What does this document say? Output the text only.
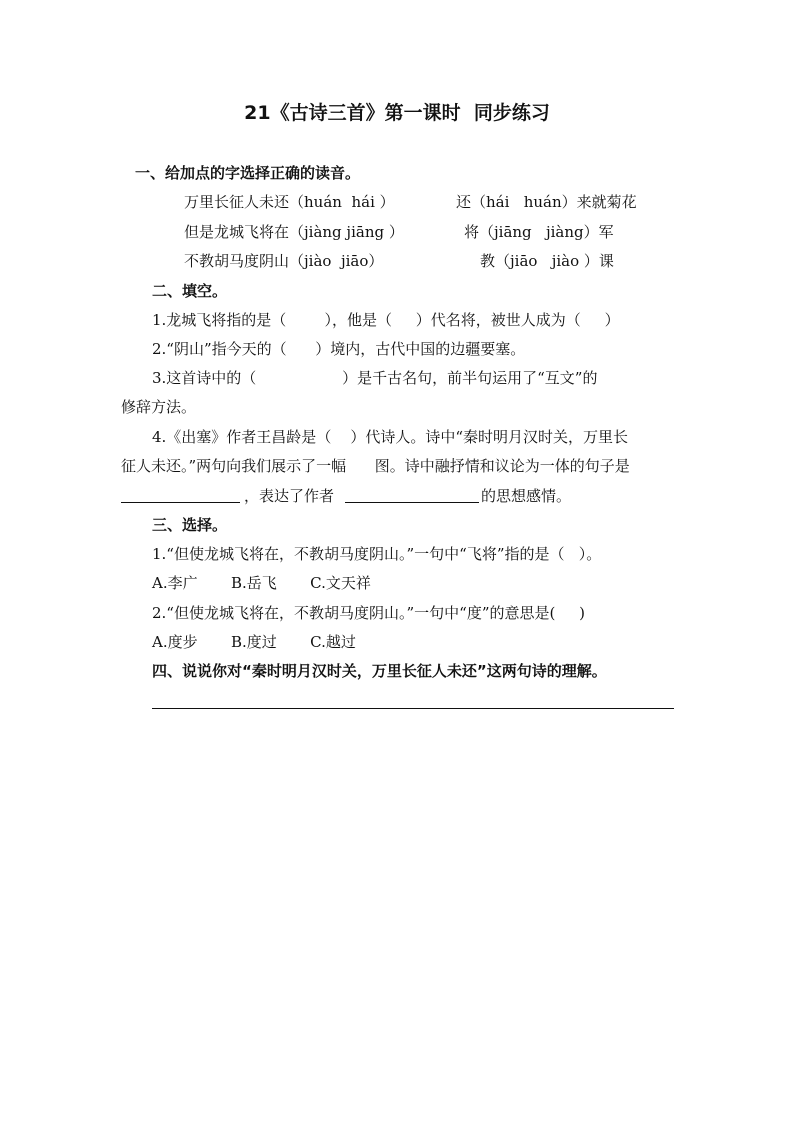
21《古诗三首》第一课时  同步练习
一、给加点的字选择正确的读音。
万里长征人未还（huán  hái ）	还（hái   huán）来就菊花
但是龙城飞将在（jiàng jiāng ）	将（jiāng   jiàng）军
不教胡马度阴山（jiào  jiāo）	教（jiāo   jiào ）课
二、填空。
1.龙城飞将指的是（        ），他是（     ）代名将，被世人成为（     ）
2.“阴山”指今天的（      ）境内，古代中国的边疆要塞。
3.这首诗中的（                  ）是千古名句，前半句运用了“互文”的
修辞方法。
4.《出塞》作者王昌龄是（    ）代诗人。诗中“秦时明月汉时关，万里长
征人未还。”两句向我们展示了一幅      图。诗中融抒情和议论为一体的句子是
，表达了作者	的思想感情。
三、选择。
1.“但使龙城飞将在，不教胡马度阴山。”一句中“飞将”指的是（   ）。
A.李广       B.岳飞       C.文天祥
2.“但使龙城飞将在，不教胡马度阴山。”一句中“度”的意思是(     )
A.度步       B.度过       C.越过
四、说说你对“秦时明月汉时关，万里长征人未还”这两句诗的理解。
